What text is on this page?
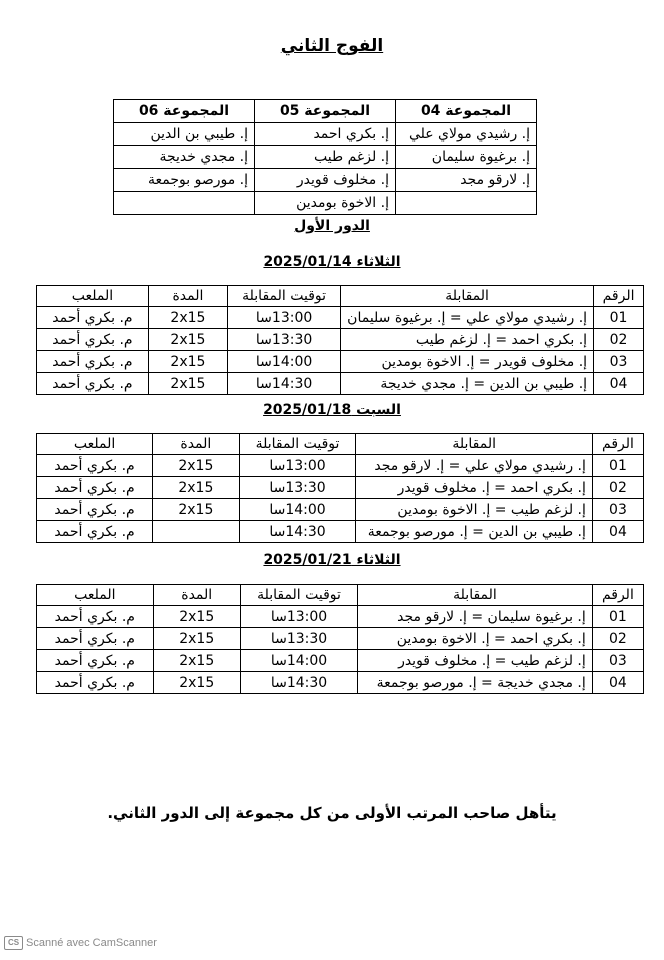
الفوج الثاني
المجموعة 04	المجموعة 05	المجموعة 06
إ. رشيدي مولاي علي	إ. بكري احمد	إ. طيبي بن الدين
إ. برغيوة سليمان	إ. لزغم طيب	إ. مجدي خديجة
إ. لارقو مجد	إ. مخلوف قويدر	إ. مورصو بوجمعة
	إ. الاخوة بومدين	
الدور الأول
الثلاثاء 2025/01/14
الرقم	المقابلة	توقيت المقابلة	المدة	الملعب
01	إ. رشيدي مولاي علي = إ. برغيوة سليمان	13:00سا	2x15	م. بكري أحمد
02	إ. بكري احمد = إ. لزغم طيب	13:30سا	2x15	م. بكري أحمد
03	إ. مخلوف قويدر = إ. الاخوة بومدين	14:00سا	2x15	م. بكري أحمد
04	إ. طيبي بن الدين = إ. مجدي خديجة	14:30سا	2x15	م. بكري أحمد
السبت 2025/01/18
الرقم	المقابلة	توقيت المقابلة	المدة	الملعب
01	إ. رشيدي مولاي علي = إ. لارقو مجد	13:00سا	2x15	م. بكري أحمد
02	إ. بكري احمد = إ. مخلوف قويدر	13:30سا	2x15	م. بكري أحمد
03	إ. لزغم طيب = إ. الاخوة بومدين	14:00سا	2x15	م. بكري أحمد
04	إ. طيبي بن الدين = إ. مورصو بوجمعة	14:30سا		م. بكري أحمد
الثلاثاء 2025/01/21
الرقم	المقابلة	توقيت المقابلة	المدة	الملعب
01	إ. برغيوة سليمان = إ. لارقو مجد	13:00سا	2x15	م. بكري أحمد
02	إ. بكري احمد = إ. الاخوة بومدين	13:30سا	2x15	م. بكري أحمد
03	إ. لزغم طيب = إ. مخلوف قويدر	14:00سا	2x15	م. بكري أحمد
04	إ. مجدي خديجة = إ. مورصو بوجمعة	14:30سا	2x15	م. بكري أحمد
يتأهل صاحب المرتب الأولى من كل مجموعة إلى الدور الثاني.
CS Scanné avec CamScanner
